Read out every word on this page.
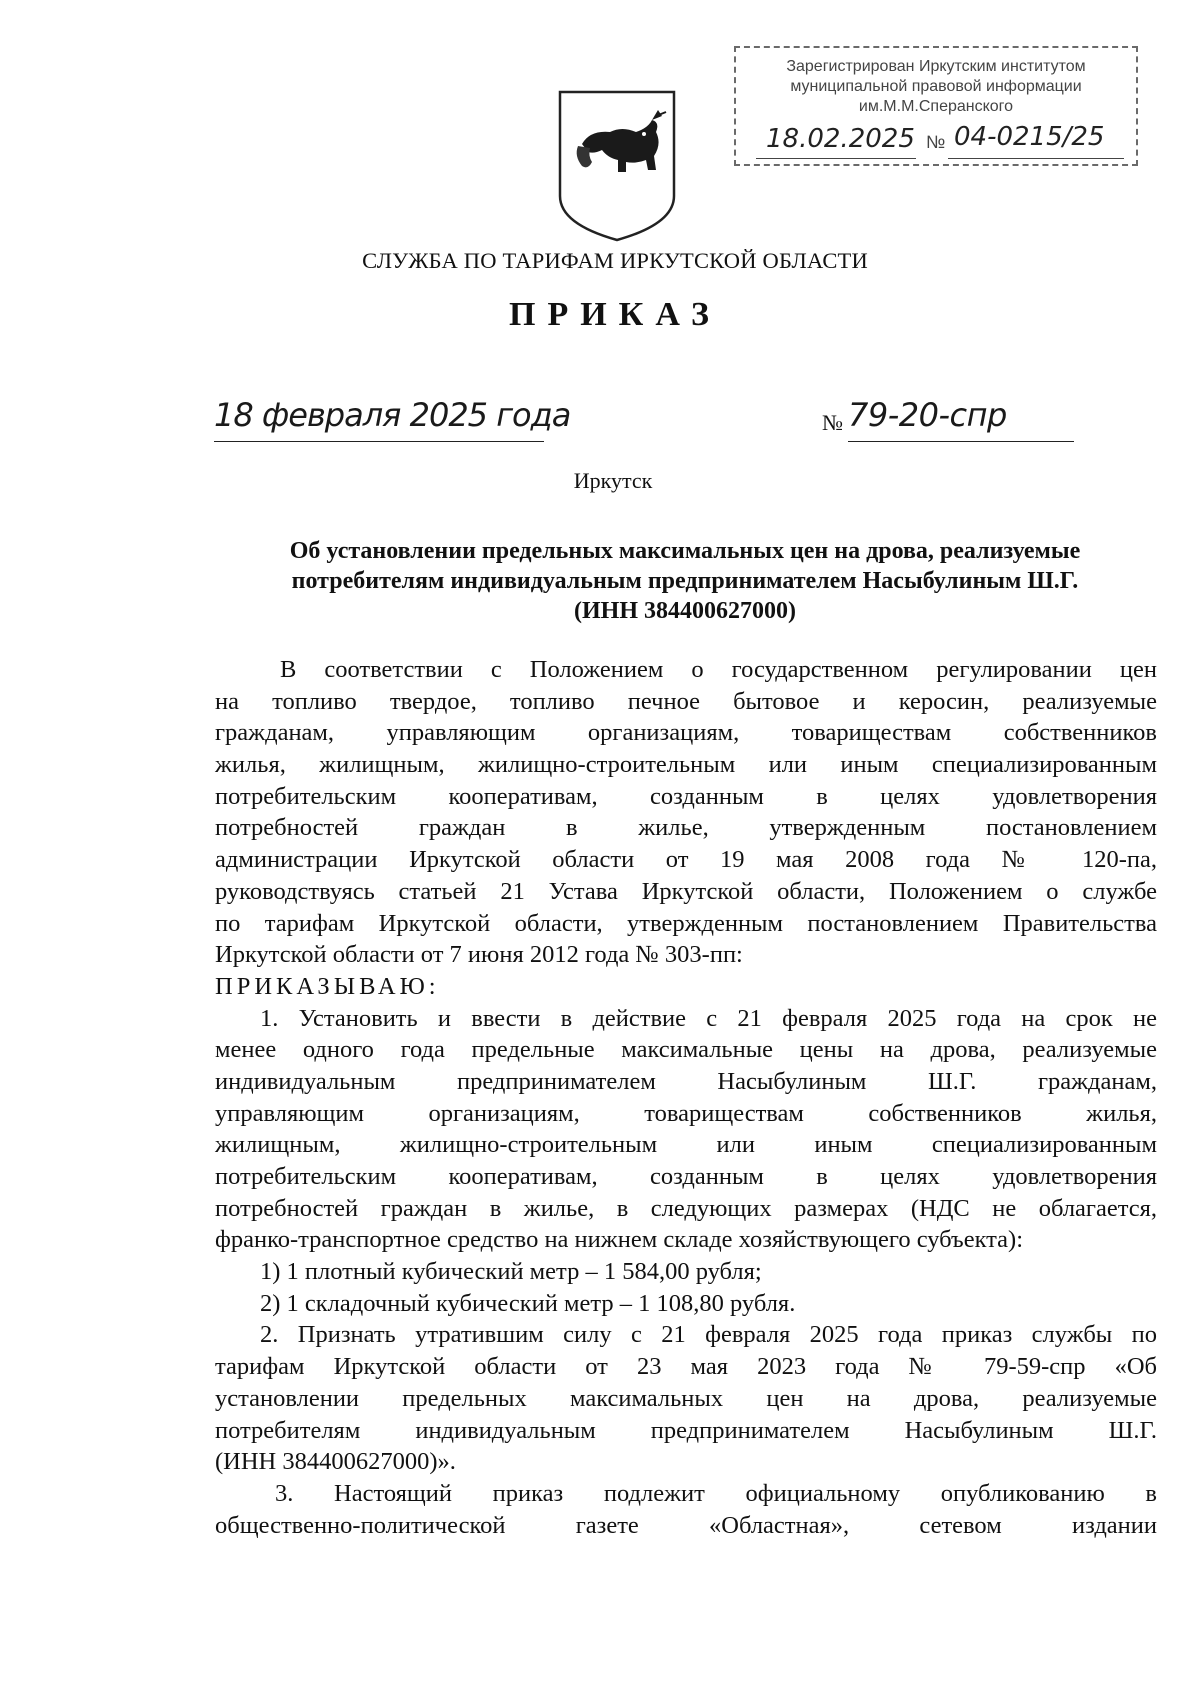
Зарегистрирован Иркутским институтом
муниципальной правовой информации
им.М.М.Сперанского
18.02.2025 № 04-0215/25
СЛУЖБА ПО ТАРИФАМ ИРКУТСКОЙ ОБЛАСТИ
ПРИКАЗ
18 февраля 2025 года	№ 79-20-спр
Иркутск
Об установлении предельных максимальных цен на дрова, реализуемые
потребителям индивидуальным предпринимателем Насыбулиным Ш.Г.
(ИНН 384400627000)
В соответствии с Положением о государственном регулировании цен
на топливо твердое, топливо печное бытовое и керосин, реализуемые
гражданам, управляющим организациям, товариществам собственников
жилья, жилищным, жилищно-строительным или иным специализированным
потребительским кооперативам, созданным в целях удовлетворения
потребностей граждан в жилье, утвержденным постановлением
администрации Иркутской области от 19 мая 2008 года № 120-па,
руководствуясь статьей 21 Устава Иркутской области, Положением о службе
по тарифам Иркутской области, утвержденным постановлением Правительства
Иркутской области от 7 июня 2012 года № 303-пп:
ПРИКАЗЫВАЮ:
1. Установить и ввести в действие с 21 февраля 2025 года на срок не
менее одного года предельные максимальные цены на дрова, реализуемые
индивидуальным предпринимателем Насыбулиным Ш.Г. гражданам,
управляющим организациям, товариществам собственников жилья,
жилищным, жилищно-строительным или иным специализированным
потребительским кооперативам, созданным в целях удовлетворения
потребностей граждан в жилье, в следующих размерах (НДС не облагается,
франко-транспортное средство на нижнем складе хозяйствующего субъекта):
1) 1 плотный кубический метр – 1 584,00 рубля;
2) 1 складочный кубический метр – 1 108,80 рубля.
2. Признать утратившим силу с 21 февраля 2025 года приказ службы по
тарифам Иркутской области от 23 мая 2023 года № 79-59-спр «Об
установлении предельных максимальных цен на дрова, реализуемые
потребителям индивидуальным предпринимателем Насыбулиным Ш.Г.
(ИНН 384400627000)».
3. Настоящий приказ подлежит официальному опубликованию в
общественно-политической газете «Областная», сетевом издании
